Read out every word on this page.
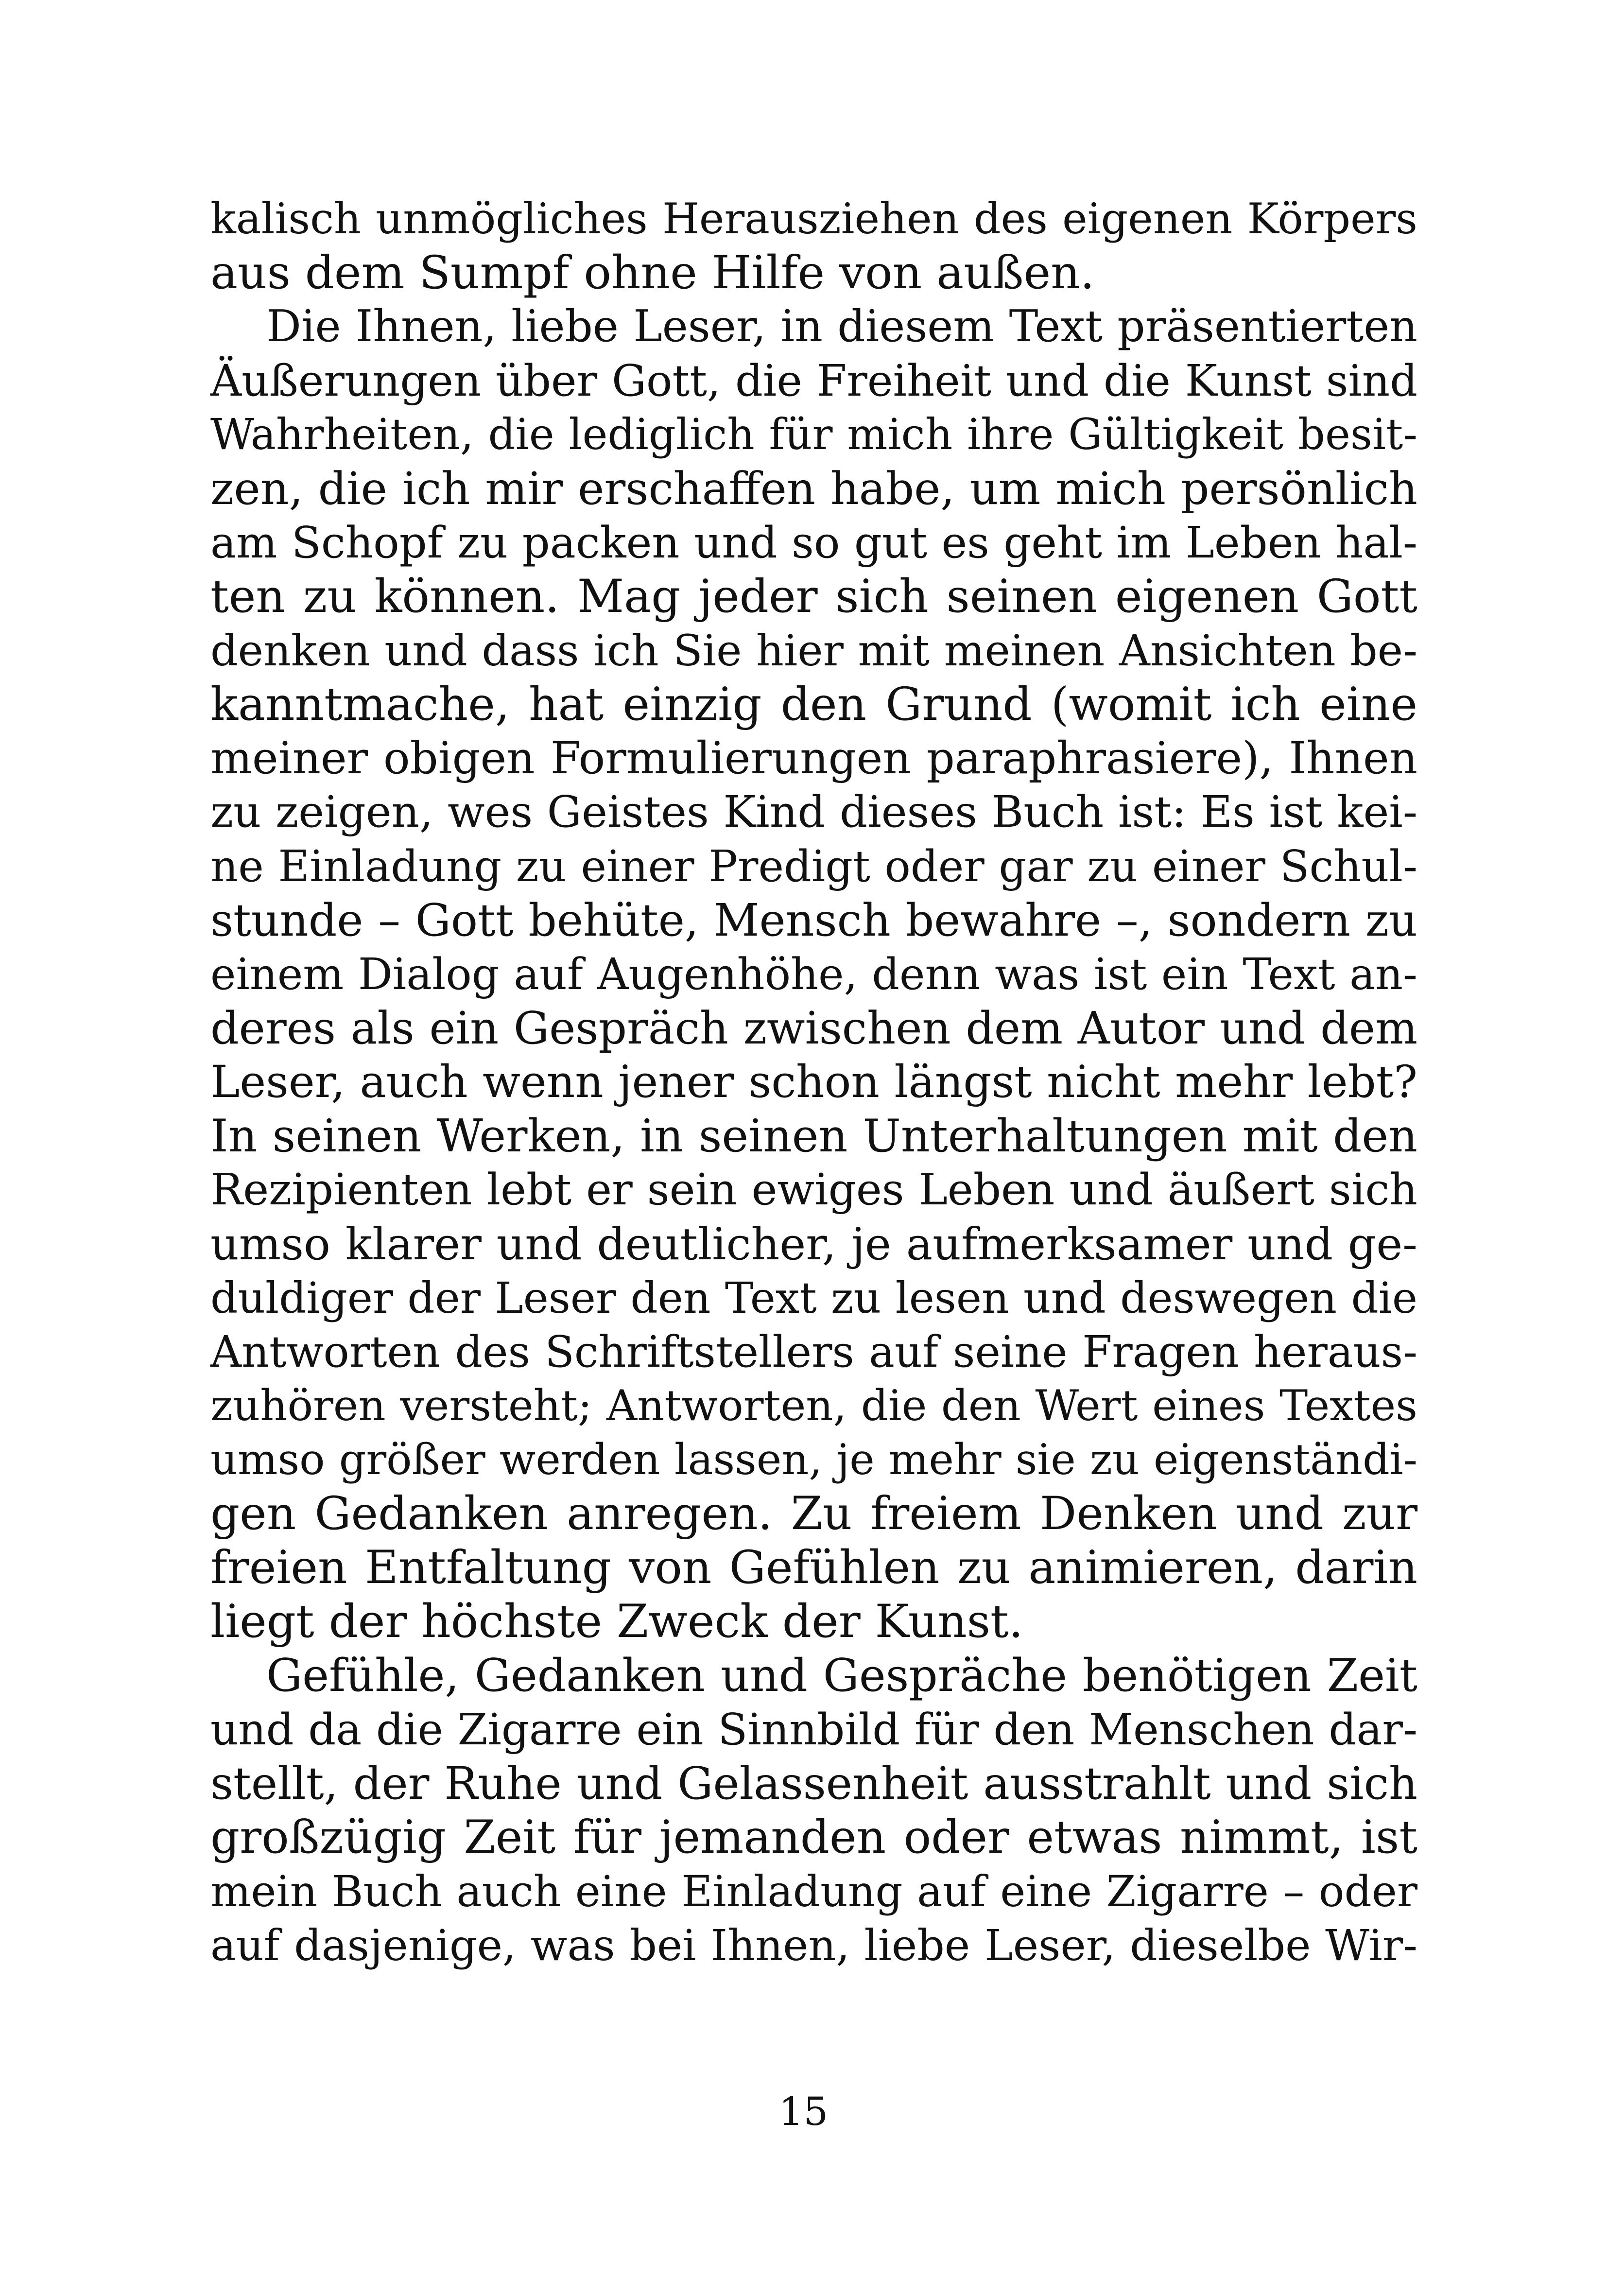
kalisch unmögliches Herausziehen des eigenen Körpers
aus dem Sumpf ohne Hilfe von außen.
Die Ihnen, liebe Leser, in diesem Text präsentierten
Äußerungen über Gott, die Freiheit und die Kunst sind
Wahrheiten, die lediglich für mich ihre Gültigkeit besit-
zen, die ich mir erschaffen habe, um mich persönlich
am Schopf zu packen und so gut es geht im Leben hal-
ten zu können. Mag jeder sich seinen eigenen Gott
denken und dass ich Sie hier mit meinen Ansichten be-
kanntmache, hat einzig den Grund (womit ich eine
meiner obigen Formulierungen paraphrasiere), Ihnen
zu zeigen, wes Geistes Kind dieses Buch ist: Es ist kei-
ne Einladung zu einer Predigt oder gar zu einer Schul-
stunde – Gott behüte, Mensch bewahre –, sondern zu
einem Dialog auf Augenhöhe, denn was ist ein Text an-
deres als ein Gespräch zwischen dem Autor und dem
Leser, auch wenn jener schon längst nicht mehr lebt?
In seinen Werken, in seinen Unterhaltungen mit den
Rezipienten lebt er sein ewiges Leben und äußert sich
umso klarer und deutlicher, je aufmerksamer und ge-
duldiger der Leser den Text zu lesen und deswegen die
Antworten des Schriftstellers auf seine Fragen heraus-
zuhören versteht; Antworten, die den Wert eines Textes
umso größer werden lassen, je mehr sie zu eigenständi-
gen Gedanken anregen. Zu freiem Denken und zur
freien Entfaltung von Gefühlen zu animieren, darin
liegt der höchste Zweck der Kunst.
Gefühle, Gedanken und Gespräche benötigen Zeit
und da die Zigarre ein Sinnbild für den Menschen dar-
stellt, der Ruhe und Gelassenheit ausstrahlt und sich
großzügig Zeit für jemanden oder etwas nimmt, ist
mein Buch auch eine Einladung auf eine Zigarre – oder
auf dasjenige, was bei Ihnen, liebe Leser, dieselbe Wir-
15
